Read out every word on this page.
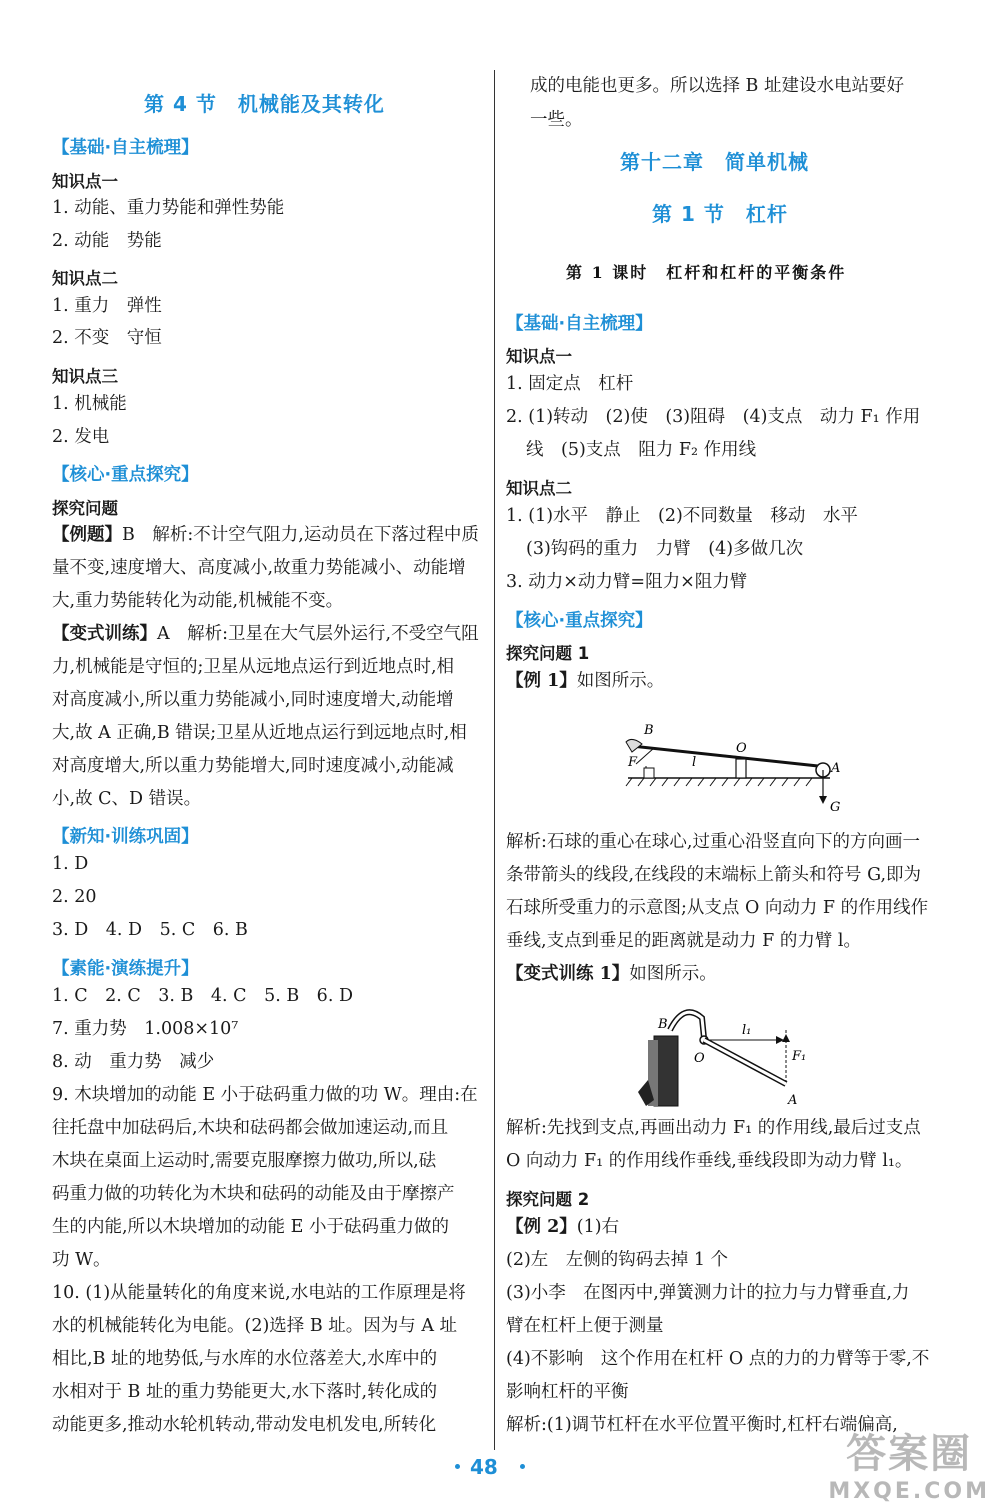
第 4 节　机械能及其转化
【基础·自主梳理】
知识点一
1. 动能、重力势能和弹性势能
2. 动能　势能
知识点二
1. 重力　弹性
2. 不变　守恒
知识点三
1. 机械能
2. 发电
【核心·重点探究】
探究问题
【例题】B　解析:不计空气阻力,运动员在下落过程中质
量不变,速度增大、高度减小,故重力势能减小、动能增
大,重力势能转化为动能,机械能不变。
【变式训练】A　解析:卫星在大气层外运行,不受空气阻
力,机械能是守恒的;卫星从远地点运行到近地点时,相
对高度减小,所以重力势能减小,同时速度增大,动能增
大,故 A 正确,B 错误;卫星从近地点运行到远地点时,相
对高度增大,所以重力势能增大,同时速度减小,动能减
小,故 C、D 错误。
【新知·训练巩固】
1. D
2. 20
3. D　4. D　5. C　6. B
【素能·演练提升】
1. C　2. C　3. B　4. C　5. B　6. D
7. 重力势　1.008×10⁷
8. 动　重力势　减少
9. 木块增加的动能 E 小于砝码重力做的功 W。理由:在
往托盘中加砝码后,木块和砝码都会做加速运动,而且
木块在桌面上运动时,需要克服摩擦力做功,所以,砝
码重力做的功转化为木块和砝码的动能及由于摩擦产
生的内能,所以木块增加的动能 E 小于砝码重力做的
功 W。
10. (1)从能量转化的角度来说,水电站的工作原理是将
水的机械能转化为电能。(2)选择 B 址。因为与 A 址
相比,B 址的地势低,与水库的水位落差大,水库中的
水相对于 B 址的重力势能更大,水下落时,转化成的
动能更多,推动水轮机转动,带动发电机发电,所转化
成的电能也更多。所以选择 B 址建设水电站要好
一些。
第十二章　简单机械
第 1 节　杠杆
第 1 课时　杠杆和杠杆的平衡条件
【基础·自主梳理】
知识点一
1. 固定点　杠杆
2. (1)转动　(2)使　(3)阻碍　(4)支点　动力 F₁ 作用
线　(5)支点　阻力 F₂ 作用线
知识点二
1. (1)水平　静止　(2)不同数量　移动　水平
(3)钩码的重力　力臂　(4)多做几次
3. 动力×动力臂=阻力×阻力臂
【核心·重点探究】
探究问题 1
【例 1】如图所示。
B
F
O
l	A
G
解析:石球的重心在球心,过重心沿竖直向下的方向画一
条带箭头的线段,在线段的末端标上箭头和符号 G,即为
石球所受重力的示意图;从支点 O 向动力 F 的作用线作
垂线,支点到垂足的距离就是动力 F 的力臂 l。
【变式训练 1】如图所示。
B
O
l₁
F₁
A
解析:先找到支点,再画出动力 F₁ 的作用线,最后过支点
O 向动力 F₁ 的作用线作垂线,垂线段即为动力臂 l₁。
探究问题 2
【例 2】(1)右
(2)左　左侧的钩码去掉 1 个
(3)小李　在图丙中,弹簧测力计的拉力与力臂垂直,力
臂在杠杆上便于测量
(4)不影响　这个作用在杠杆 O 点的力的力臂等于零,不
影响杠杆的平衡
解析:(1)调节杠杆在水平位置平衡时,杠杆右端偏高,
48	答案圈
MXQE.COM
